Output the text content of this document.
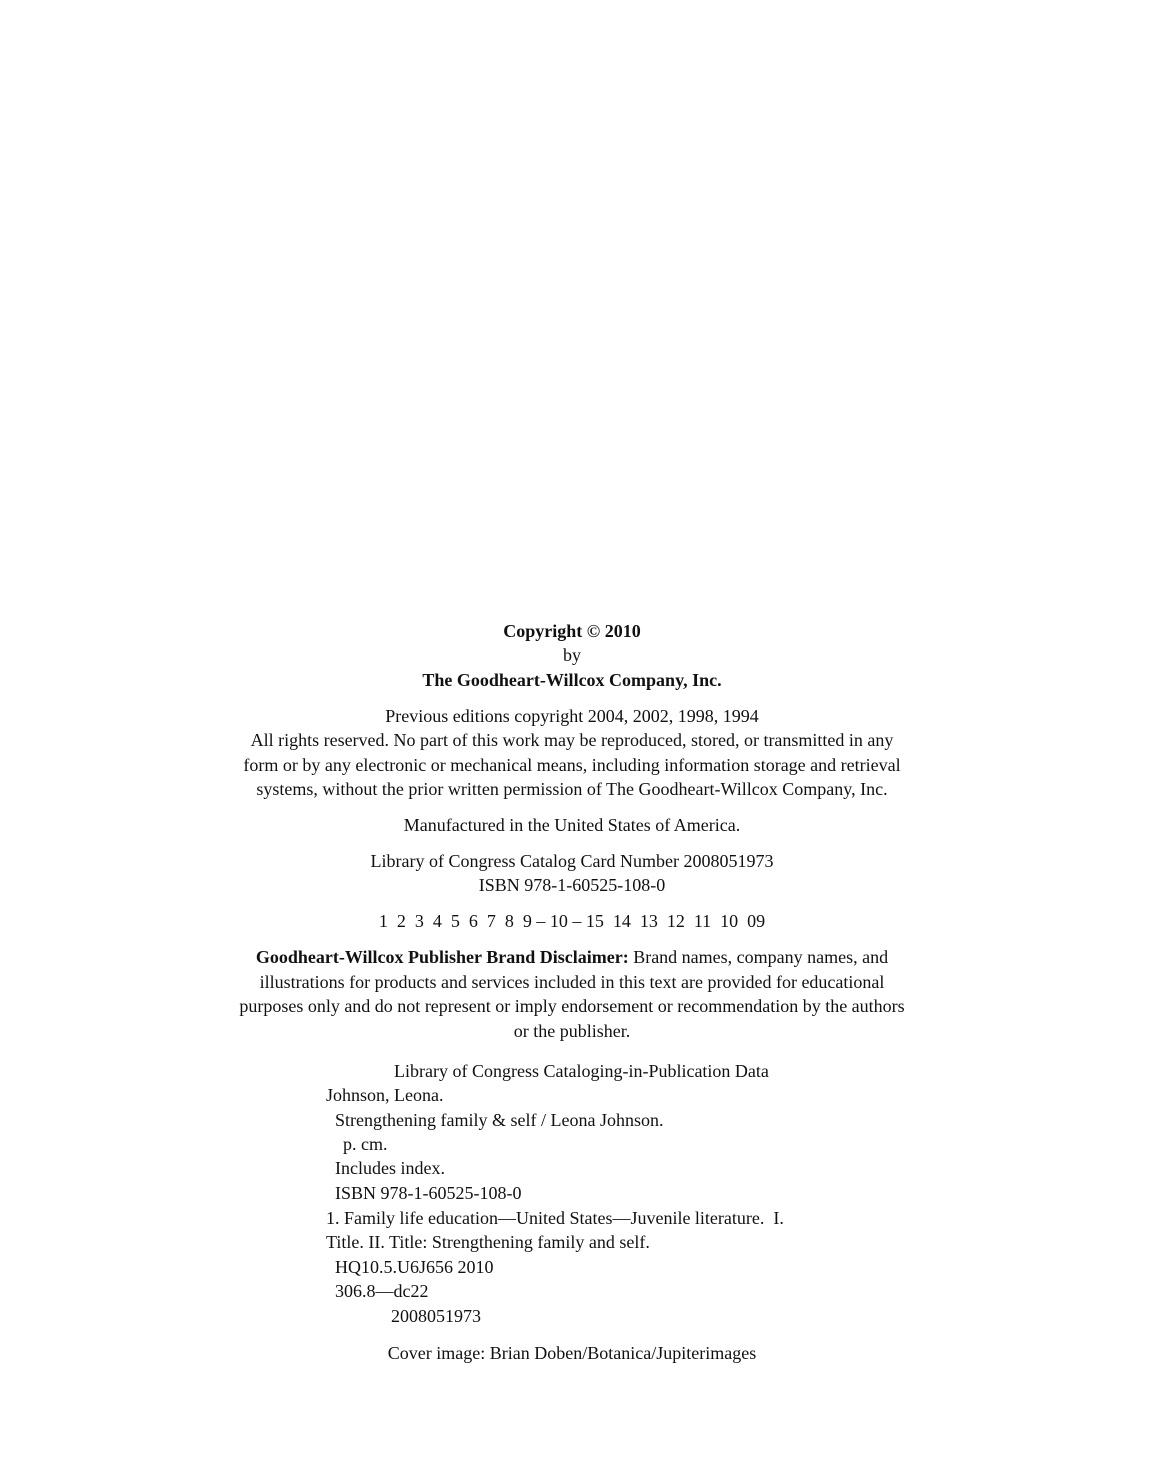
Copyright © 2010
by
The Goodheart-Willcox Company, Inc.
Previous editions copyright 2004, 2002, 1998, 1994
All rights reserved. No part of this work may be reproduced, stored, or transmitted in any
form or by any electronic or mechanical means, including information storage and retrieval
systems, without the prior written permission of The Goodheart-Willcox Company, Inc.
Manufactured in the United States of America.
Library of Congress Catalog Card Number 2008051973
ISBN 978-1-60525-108-0
1  2  3  4  5  6  7  8  9 – 10 – 15  14  13  12  11  10  09
Goodheart-Willcox Publisher Brand Disclaimer: Brand names, company names, and
illustrations for products and services included in this text are provided for educational
purposes only and do not represent or imply endorsement or recommendation by the authors
or the publisher.
Library of Congress Cataloging-in-Publication Data
Johnson, Leona.
Strengthening family & self / Leona Johnson.
p. cm.
Includes index.
ISBN 978-1-60525-108-0
1. Family life education—United States—Juvenile literature.  I.
Title. II. Title: Strengthening family and self.
HQ10.5.U6J656 2010
306.8—dc22
2008051973
Cover image: Brian Doben/Botanica/Jupiterimages
